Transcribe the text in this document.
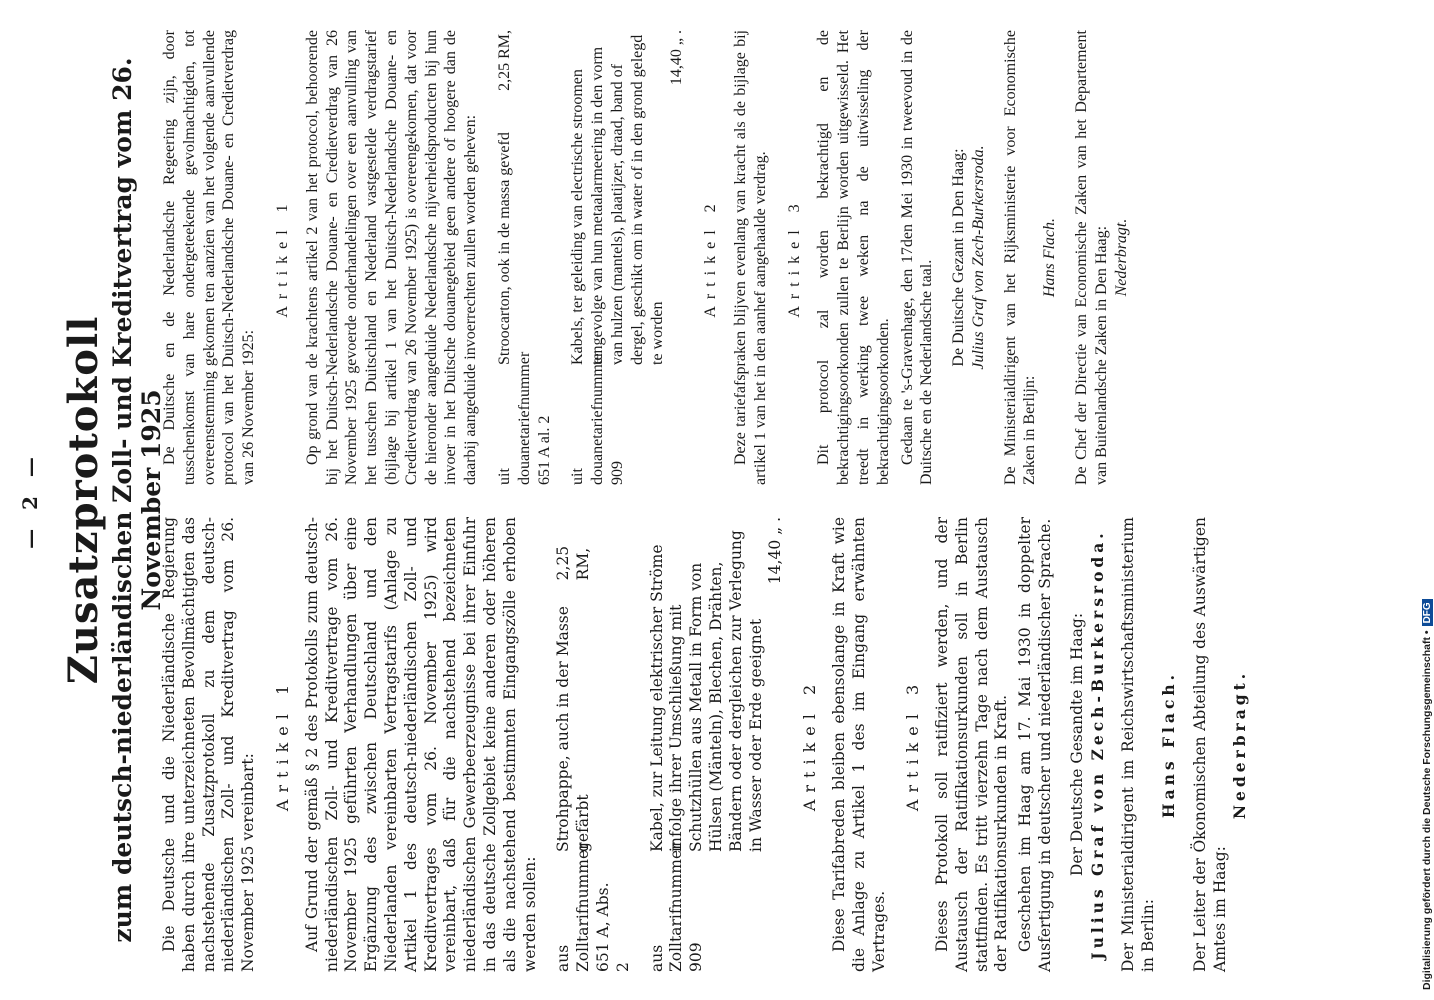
— 2 — Zusatzprotokoll zum deutsch-niederländischen Zoll- und Kreditvertrag vom 26. November 1925

Die Deutsche und die Niederländische Regierung haben durch ihre unterzeichneten Bevollmächtigten das nachstehende Zusatzprotokoll zu dem deutsch-niederländischen Zoll- und Kreditvertrag vom 26. November 1925 vereinbart:

Artikel 1 Auf Grund der gemäß § 2 des Protokolls zum deutsch-niederländischen Zoll- und Kreditvertrage vom 26. November 1925 geführten Verhandlungen über eine Ergänzung des zwischen Deutschland und den Niederlanden vereinbarten Vertragstarifs (Anlage zu Artikel 1 des deutsch-niederländischen Zoll- und Kreditvertrages vom 26. November 1925) wird vereinbart, daß für die nachstehend bezeichneten niederländischen Gewerbeerzeugnisse bei ihrer Einfuhr in das deutsche Zollgebiet keine anderen oder höheren als die nachstehend bestimmten Eingangszölle erhoben werden sollen: aus Zolltarifnummer 651 A, Abs. 2
Strohpappe, auch in der Masse gefärbt
2,25 RM,
aus Zolltarifnummer 909
Kabel, zur Leitung elektrischer Ströme infolge ihrer Umschließung mit Schutzhüllen aus Metall in Form von Hülsen (Mänteln), Blechen, Drähten, Bändern oder dergleichen zur Verlegung in Wasser oder Erde geeignet
14,40 „ .
Artikel 2 Diese Tarifabreden bleiben ebensolange in Kraft wie die Anlage zu Artikel 1 des im Eingang erwähnten Vertrages.

Artikel 3 Dieses Protokoll soll ratifiziert werden, und der Austausch der Ratifikationsurkunden soll in Berlin stattfinden. Es tritt vierzehn Tage nach dem Austausch der Ratifikationsurkunden in Kraft. Geschehen im Haag am 17. Mai 1930 in doppelter Ausfertigung in deutscher und niederländischer Sprache. Der Deutsche Gesandte im Haag: Julius Graf von Zech-Burkersroda. Der Ministerialdirigent im Reichswirtschaftsministerium in Berlin:
Hans Flach. Der Leiter der Ökonomischen Abteilung des Auswärtigen Amtes im Haag:
Nederbragt.

De Duitsche en de Nederlandsche Regeering zijn, door tusschenkomst van hare ondergeteekende gevolmachtigden, tot overeenstemming gekomen ten aanzien van het volgende aanvullende protocol van het Duitsch-Nederlandsche Douane- en Credietverdrag van 26 November 1925:

Artikel 1 Op grond van de krachtens artikel 2 van het protocol, behoorende bij het Duitsch-Nederlandsche Douane- en Credietverdrag van 26 November 1925 gevoerde onderhandelingen over een aanvulling van het tusschen Duitschland en Nederland vastgestelde verdragstarief (bijlage bij artikel 1 van het Duitsch-Nederlandsche Douane- en Credietverdrag van 26 November 1925) is overeengekomen, dat voor de hieronder aangeduide Nederlandsche nijverheidsproducten bij hun invoer in het Duitsche douanegebied geen andere of hoogere dan de daarbij aangeduide invoerrechten zullen worden geheven: uit douanetariefnummer 651 A al. 2
Stroocarton, ook in de massa gevefd
2,25 RM,
uit douanetariefnummer 909
Kabels, ter geleiding van electrische stroomen tengevolge van hun metaalarmeering in den vorm van hulzen (mantels), plaatijzer, draad, band of dergel, geschikt om in water of in den grond gelegd te worden
14,40 „ .
Artikel 2 Deze tariefafspraken blijven evenlang van kracht als de bijlage bij artikel 1 van het in den aanhef aangehaalde verdrag. Artikel 3 Dit protocol zal worden bekrachtigd en de bekrachtigingsoorkonden zullen te Berlijn worden uitgewisseld. Het treedt in werking twee weken na de uitwisseling der bekrachtigingsoorkonden. Gedaan te 's-Gravenhage, den 17den Mei 1930 in tweevoud in de Duitsche en de Nederlandsche taal.

De Duitsche Gezant in Den Haag: Julius Graf von Zech-Burkersroda. De Ministerialdirigent van het Rijksministerie voor Economische Zaken in Berlijn:
Hans Flach. De Chef der Directie van Economische Zaken van het Departement van Buitenlandsche Zaken in Den Haag: Nederbragt.
Digitalisierung gefördert durch die Deutsche Forschungsgemeinschaft •
DFG
